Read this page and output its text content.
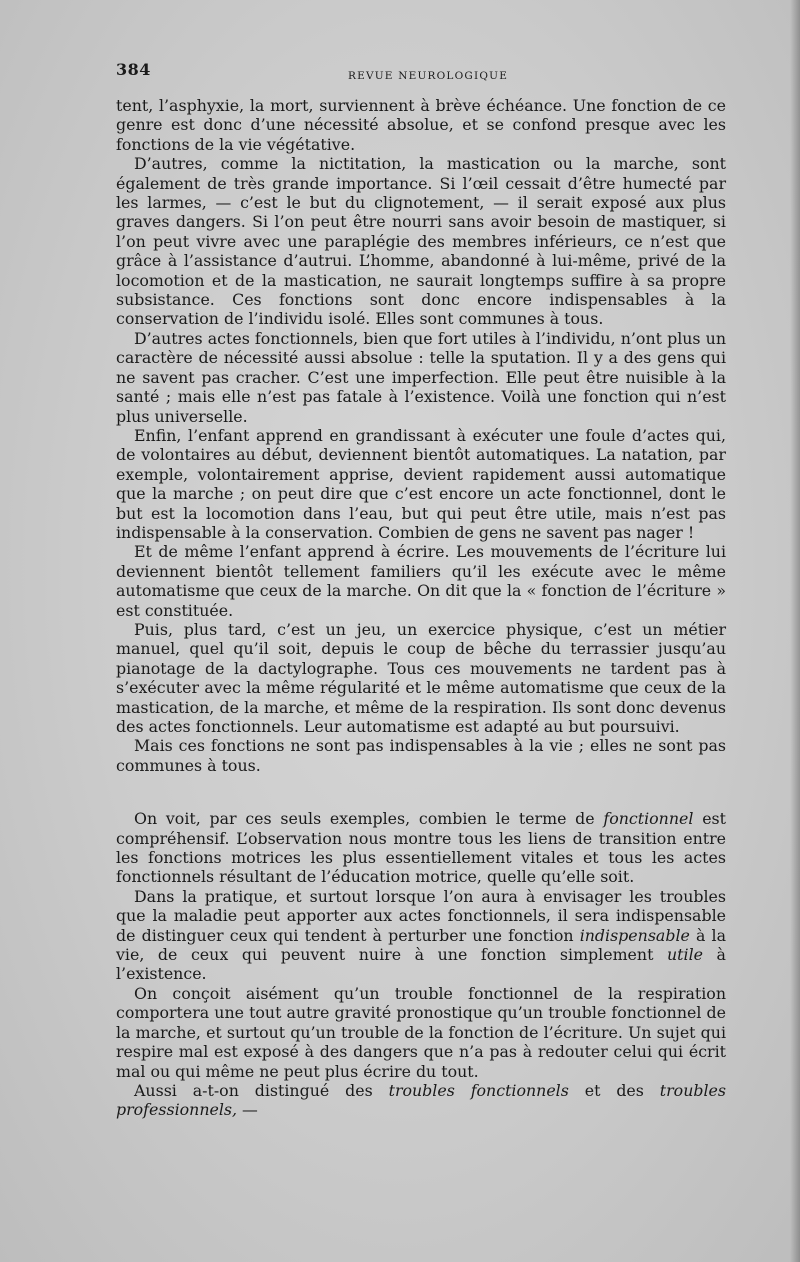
384	REVUE NEUROLOGIQUE

tent, l’asphyxie, la mort, surviennent à brève échéance. Une fonction de ce genre est donc d’une nécessité absolue, et se confond presque avec les fonctions de la vie végétative.

D’autres, comme la nictitation, la mastication ou la marche, sont également de très grande importance. Si l’œil cessait d’être humecté par les larmes, — c’est le but du clignotement, — il serait exposé aux plus graves dangers. Si l’on peut être nourri sans avoir besoin de mastiquer, si l’on peut vivre avec une paraplégie des membres inférieurs, ce n’est que grâce à l’assistance d’autrui. L’homme, abandonné à lui-même, privé de la locomotion et de la mastication, ne saurait longtemps suffire à sa propre subsistance. Ces fonctions sont donc encore indispensables à la conservation de l’individu isolé. Elles sont communes à tous.

D’autres actes fonctionnels, bien que fort utiles à l’individu, n’ont plus un caractère de nécessité aussi absolue : telle la sputation. Il y a des gens qui ne savent pas cracher. C’est une imperfection. Elle peut être nuisible à la santé ; mais elle n’est pas fatale à l’existence. Voilà une fonction qui n’est plus universelle.

Enfin, l’enfant apprend en grandissant à exécuter une foule d’actes qui, de volontaires au début, deviennent bientôt automatiques. La natation, par exemple, volontairement apprise, devient rapidement aussi automatique que la marche ; on peut dire que c’est encore un acte fonctionnel, dont le but est la locomotion dans l’eau, but qui peut être utile, mais n’est pas indispensable à la conservation. Combien de gens ne savent pas nager !

Et de même l’enfant apprend à écrire. Les mouvements de l’écriture lui deviennent bientôt tellement familiers qu’il les exécute avec le même automatisme que ceux de la marche. On dit que la « fonction de l’écriture » est constituée.

Puis, plus tard, c’est un jeu, un exercice physique, c’est un métier manuel, quel qu’il soit, depuis le coup de bêche du terrassier jusqu’au pianotage de la dactylographe. Tous ces mouvements ne tardent pas à s’exécuter avec la même régularité et le même automatisme que ceux de la mastication, de la marche, et même de la respiration. Ils sont donc devenus des actes fonctionnels. Leur automatisme est adapté au but poursuivi.

Mais ces fonctions ne sont pas indispensables à la vie ; elles ne sont pas communes à tous.

On voit, par ces seuls exemples, combien le terme de fonctionnel est compréhensif. L’observation nous montre tous les liens de transition entre les fonctions motrices les plus essentiellement vitales et tous les actes fonctionnels résultant de l’éducation motrice, quelle qu’elle soit.

Dans la pratique, et surtout lorsque l’on aura à envisager les troubles que la maladie peut apporter aux actes fonctionnels, il sera indispensable de distinguer ceux qui tendent à perturber une fonction indispensable à la vie, de ceux qui peuvent nuire à une fonction simplement utile à l’existence.

On conçoit aisément qu’un trouble fonctionnel de la respiration comportera une tout autre gravité pronostique qu’un trouble fonctionnel de la marche, et surtout qu’un trouble de la fonction de l’écriture. Un sujet qui respire mal est exposé à des dangers que n’a pas à redouter celui qui écrit mal ou qui même ne peut plus écrire du tout.

Aussi a-t-on distingué des troubles fonctionnels et des troubles professionnels, —
